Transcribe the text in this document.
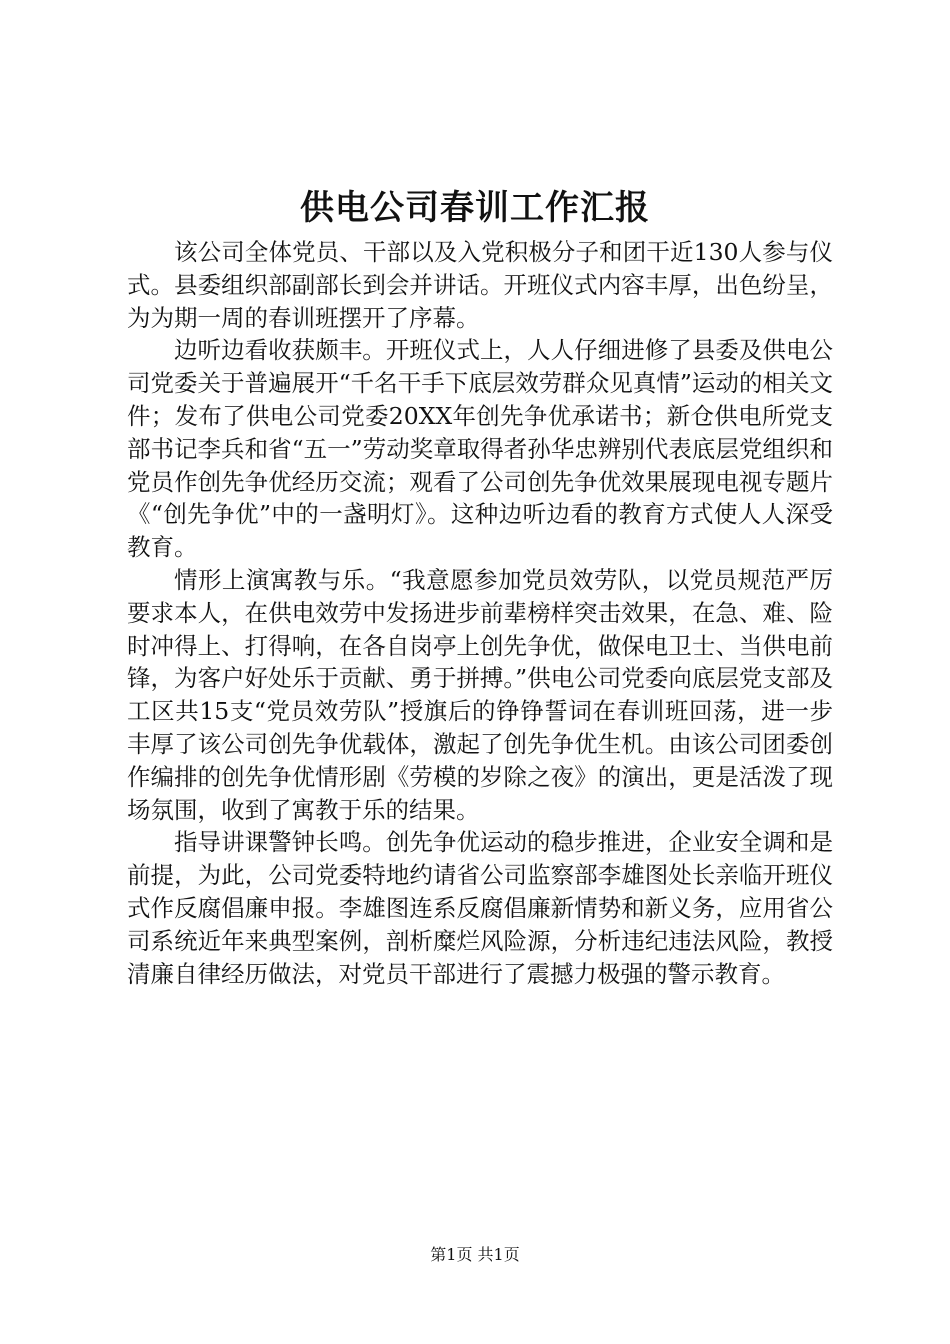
供电公司春训工作汇报

该公司全体党员、干部以及入党积极分子和团干近130人参与仪式。县委组织部副部长到会并讲话。开班仪式内容丰厚，出色纷呈，为为期一周的春训班摆开了序幕。

边听边看收获颇丰。开班仪式上，人人仔细进修了县委及供电公司党委关于普遍展开“千名干手下底层效劳群众见真情”运动的相关文件；发布了供电公司党委20XX年创先争优承诺书；新仓供电所党支部书记李兵和省“五一”劳动奖章取得者孙华忠辨别代表底层党组织和党员作创先争优经历交流；观看了公司创先争优效果展现电视专题片《“创先争优”中的一盏明灯》。这种边听边看的教育方式使人人深受教育。

情形上演寓教与乐。“我意愿参加党员效劳队，以党员规范严厉要求本人，在供电效劳中发扬进步前辈榜样突击效果，在急、难、险时冲得上、打得响，在各自岗亭上创先争优，做保电卫士、当供电前锋，为客户好处乐于贡献、勇于拼搏。”供电公司党委向底层党支部及工区共15支“党员效劳队”授旗后的铮铮誓词在春训班回荡，进一步丰厚了该公司创先争优载体，激起了创先争优生机。由该公司团委创作编排的创先争优情形剧《劳模的岁除之夜》的演出，更是活泼了现场氛围，收到了寓教于乐的结果。

指导讲课警钟长鸣。创先争优运动的稳步推进，企业安全调和是前提，为此，公司党委特地约请省公司监察部李雄图处长亲临开班仪式作反腐倡廉申报。李雄图连系反腐倡廉新情势和新义务，应用省公司系统近年来典型案例，剖析糜烂风险源，分析违纪违法风险，教授清廉自律经历做法，对党员干部进行了震撼力极强的警示教育。

第1页 共1页
